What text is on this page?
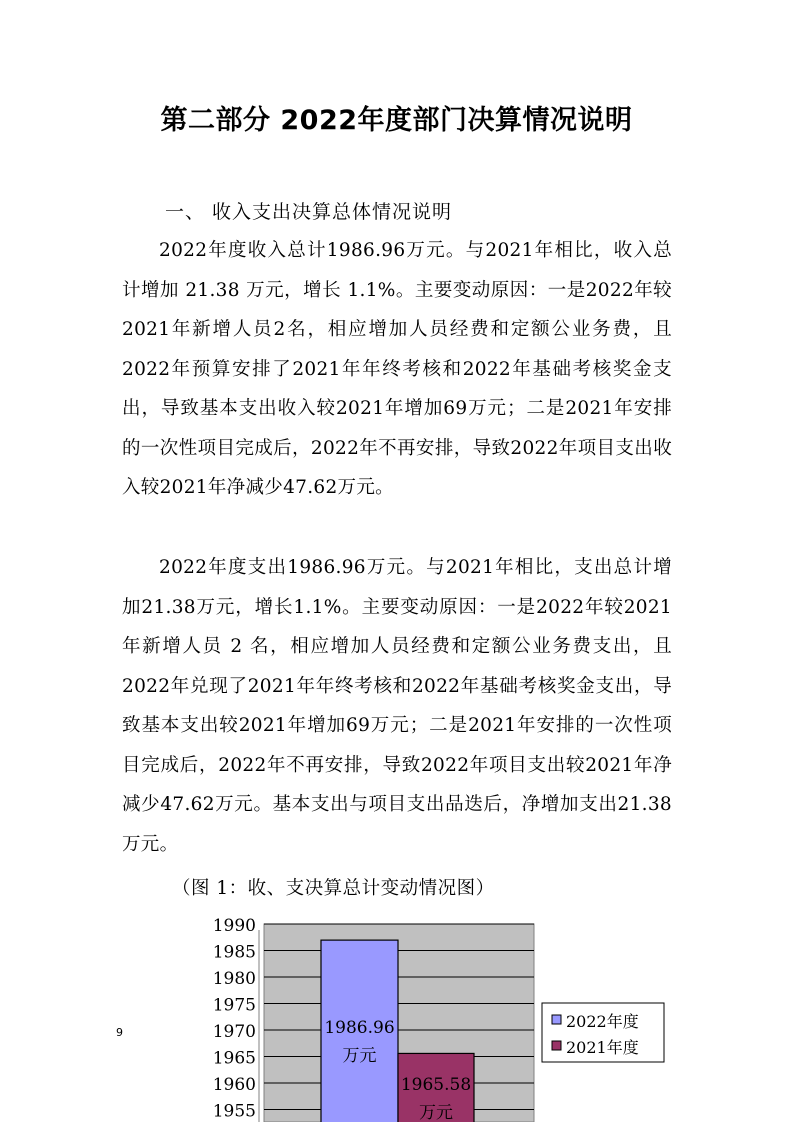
第二部分 2022年度部门决算情况说明
一、 收入支出决算总体情况说明
2022年度收入总计1986.96万元。与2021年相比，收入总计增加 21.38 万元，增长 1.1%。主要变动原因：一是2022年较2021年新增人员2名，相应增加人员经费和定额公业务费，且2022年预算安排了2021年年终考核和2022年基础考核奖金支出，导致基本支出收入较2021年增加69万元；二是2021年安排的一次性项目完成后，2022年不再安排，导致2022年项目支出收入较2021年净减少47.62万元。
2022年度支出1986.96万元。与2021年相比，支出总计增加21.38万元，增长1.1%。主要变动原因：一是2022年较2021年新增人员 2 名，相应增加人员经费和定额公业务费支出，且2022年兑现了2021年年终考核和2022年基础考核奖金支出，导致基本支出较2021年增加69万元；二是2021年安排的一次性项目完成后，2022年不再安排，导致2022年项目支出较2021年净减少47.62万元。基本支出与项目支出品迭后，净增加支出21.38万元。
（图 1：收、支决算总计变动情况图）
9
1990
1985
1980
1975
1970
1965
1960
1955
1986.96
万元
1965.58
万元
2022年度
2021年度
